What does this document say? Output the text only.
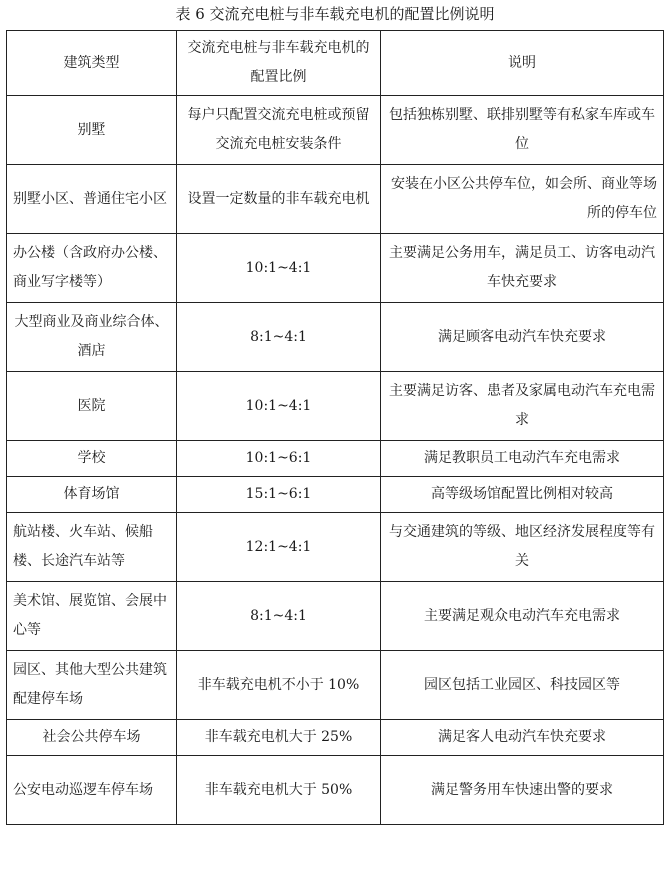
表 6 交流充电桩与非车载充电机的配置比例说明
建筑类型	交流充电桩与非车载充电机的配置比例	说明
别墅	每户只配置交流充电桩或预留交流充电桩安装条件	包括独栋别墅、联排别墅等有私家车库或车位
别墅小区、普通住宅小区	设置一定数量的非车载充电机	安装在小区公共停车位，如会所、商业等场所的停车位
办公楼（含政府办公楼、商业写字楼等）	10:1~4:1	主要满足公务用车，满足员工、访客电动汽车快充要求
大型商业及商业综合体、酒店	8:1~4:1	满足顾客电动汽车快充要求
医院	10:1~4:1	主要满足访客、患者及家属电动汽车充电需求
学校	10:1~6:1	满足教职员工电动汽车充电需求
体育场馆	15:1~6:1	高等级场馆配置比例相对较高
航站楼、火车站、候船楼、长途汽车站等	12:1~4:1	与交通建筑的等级、地区经济发展程度等有关
美术馆、展览馆、会展中心等	8:1~4:1	主要满足观众电动汽车充电需求
园区、其他大型公共建筑配建停车场	非车载充电机不小于 10%	园区包括工业园区、科技园区等
社会公共停车场	非车载充电机大于 25%	满足客人电动汽车快充要求
公安电动巡逻车停车场	非车载充电机大于 50%	满足警务用车快速出警的要求
